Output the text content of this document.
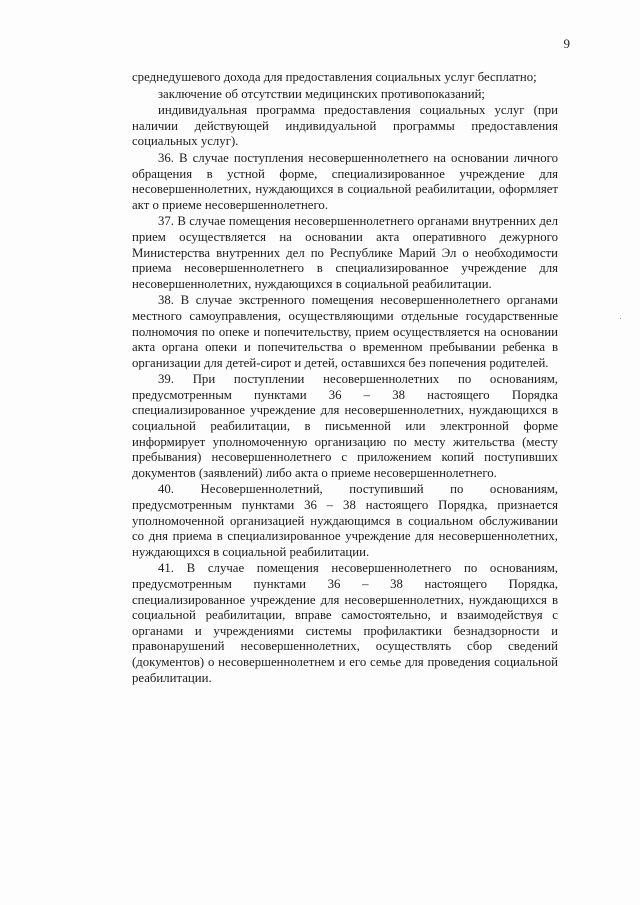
9

среднедушевого дохода для предоставления социальных услуг бесплатно;

заключение об отсутствии медицинских противопоказаний;

индивидуальная программа предоставления социальных услуг (при наличии действующей индивидуальной программы предоставления социальных услуг).

36. В случае поступления несовершеннолетнего на основании личного обращения в устной форме, специализированное учреждение для несовершеннолетних, нуждающихся в социальной реабилитации, оформляет акт о приеме несовершеннолетнего.

37. В случае помещения несовершеннолетнего органами внутренних дел прием осуществляется на основании акта оперативного дежурного Министерства внутренних дел по Республике Марий Эл о необходимости приема несовершеннолетнего в специализированное учреждение для несовершеннолетних, нуждающихся в социальной реабилитации.

38. В случае экстренного помещения несовершеннолетнего органами местного самоуправления, осуществляющими отдельные государственные полномочия по опеке и попечительству, прием осуществляется на основании акта органа опеки и попечительства о временном пребывании ребенка в организации для детей-сирот и детей, оставшихся без попечения родителей.

39. При поступлении несовершеннолетних по основаниям, предусмотренным пунктами 36 – 38 настоящего Порядка специализированное учреждение для несовершеннолетних, нуждающихся в социальной реабилитации, в письменной или электронной форме информирует уполномоченную организацию по месту жительства (месту пребывания) несовершеннолетнего с приложением копий поступивших документов (заявлений) либо акта о приеме несовершеннолетнего.

40. Несовершеннолетний, поступивший по основаниям, предусмотренным пунктами 36 – 38 настоящего Порядка, признается уполномоченной организацией нуждающимся в социальном обслуживании со дня приема в специализированное учреждение для несовершеннолетних, нуждающихся в социальной реабилитации.

41. В случае помещения несовершеннолетнего по основаниям, предусмотренным пунктами 36 – 38 настоящего Порядка, специализированное учреждение для несовершеннолетних, нуждающихся в социальной реабилитации, вправе самостоятельно, и взаимодействуя с органами и учреждениями системы профилактики безнадзорности и правонарушений несовершеннолетних, осуществлять сбор сведений (документов) о несовершеннолетнем и его семье для проведения социальной реабилитации.
